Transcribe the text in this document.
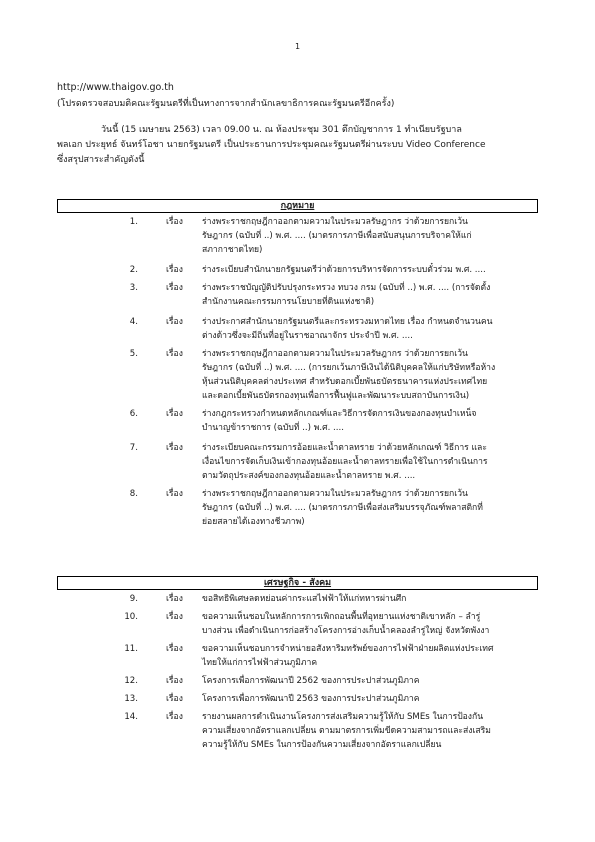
1
http://www.thaigov.go.th
(โปรดตรวจสอบมติคณะรัฐมนตรีที่เป็นทางการจากสำนักเลขาธิการคณะรัฐมนตรีอีกครั้ง)
วันนี้ (15 เมษายน 2563) เวลา 09.00 น. ณ ห้องประชุม 301 ตึกบัญชาการ 1 ทำเนียบรัฐบาล
พลเอก ประยุทธ์ จันทร์โอชา นายกรัฐมนตรี เป็นประธานการประชุมคณะรัฐมนตรีผ่านระบบ Video Conference
ซึ่งสรุปสาระสำคัญดังนี้
กฎหมาย
1.	เรื่อง ร่างพระราชกฤษฎีกาออกตามความในประมวลรัษฎากร ว่าด้วยการยกเว้น
รัษฎากร (ฉบับที่ ..) พ.ศ. .... (มาตรการภาษีเพื่อสนับสนุนการบริจาคให้แก่
สภากาชาดไทย)
2.	เรื่อง ร่างระเบียบสำนักนายกรัฐมนตรีว่าด้วยการบริหารจัดการระบบตั๋วร่วม พ.ศ. ....
3.	เรื่อง ร่างพระราชบัญญัติปรับปรุงกระทรวง ทบวง กรม (ฉบับที่ ..) พ.ศ. .... (การจัดตั้ง
สำนักงานคณะกรรมการนโยบายที่ดินแห่งชาติ)
4.	เรื่อง ร่างประกาศสำนักนายกรัฐมนตรีและกระทรวงมหาดไทย เรื่อง กำหนดจำนวนคน
ต่างด้าวซึ่งจะมีถิ่นที่อยู่ในราชอาณาจักร ประจำปี พ.ศ. ....
5.	เรื่อง ร่างพระราชกฤษฎีกาออกตามความในประมวลรัษฎากร ว่าด้วยการยกเว้น
รัษฎากร (ฉบับที่ ..) พ.ศ. .... (การยกเว้นภาษีเงินได้นิติบุคคลให้แก่บริษัทหรือห้าง
หุ้นส่วนนิติบุคคลต่างประเทศ สำหรับดอกเบี้ยพันธบัตรธนาคารแห่งประเทศไทย
และดอกเบี้ยพันธบัตรกองทุนเพื่อการฟื้นฟูและพัฒนาระบบสถาบันการเงิน)
6.	เรื่อง ร่างกฎกระทรวงกำหนดหลักเกณฑ์และวิธีการจัดการเงินของกองทุนบำเหน็จ
บำนาญข้าราชการ (ฉบับที่ ..) พ.ศ. ....
7.	เรื่อง ร่างระเบียบคณะกรรมการอ้อยและน้ำตาลทราย ว่าด้วยหลักเกณฑ์ วิธีการ และ
เงื่อนไขการจัดเก็บเงินเข้ากองทุนอ้อยและน้ำตาลทรายเพื่อใช้ในการดำเนินการ
ตามวัตถุประสงค์ของกองทุนอ้อยและน้ำตาลทราย พ.ศ. ....
8.	เรื่อง ร่างพระราชกฤษฎีกาออกตามความในประมวลรัษฎากร ว่าด้วยการยกเว้น
รัษฎากร (ฉบับที่ ..) พ.ศ. .... (มาตรการภาษีเพื่อส่งเสริมบรรจุภัณฑ์พลาสติกที่
ย่อยสลายได้เองทางชีวภาพ)
เศรษฐกิจ - สังคม
9.	เรื่อง ขอสิทธิพิเศษลดหย่อนค่ากระแสไฟฟ้าให้แก่ทหารผ่านศึก
10.	เรื่อง ขอความเห็นชอบในหลักการการเพิกถอนพื้นที่อุทยานแห่งชาติเขาหลัก – ลำรู่
บางส่วน เพื่อดำเนินการก่อสร้างโครงการอ่างเก็บน้ำคลองลำรู่ใหญ่ จังหวัดพังงา
11.	เรื่อง ขอความเห็นชอบการจำหน่ายอสังหาริมทรัพย์ของการไฟฟ้าฝ่ายผลิตแห่งประเทศ
ไทยให้แก่การไฟฟ้าส่วนภูมิภาค
12.	เรื่อง โครงการเพื่อการพัฒนาปี 2562 ของการประปาส่วนภูมิภาค
13.	เรื่อง โครงการเพื่อการพัฒนาปี 2563 ของการประปาส่วนภูมิภาค
14.	เรื่อง รายงานผลการดำเนินงานโครงการส่งเสริมความรู้ให้กับ SMEs ในการป้องกัน
ความเสี่ยงจากอัตราแลกเปลี่ยน ตามมาตรการเพิ่มขีดความสามารถและส่งเสริม
ความรู้ให้กับ SMEs ในการป้องกันความเสี่ยงจากอัตราแลกเปลี่ยน
